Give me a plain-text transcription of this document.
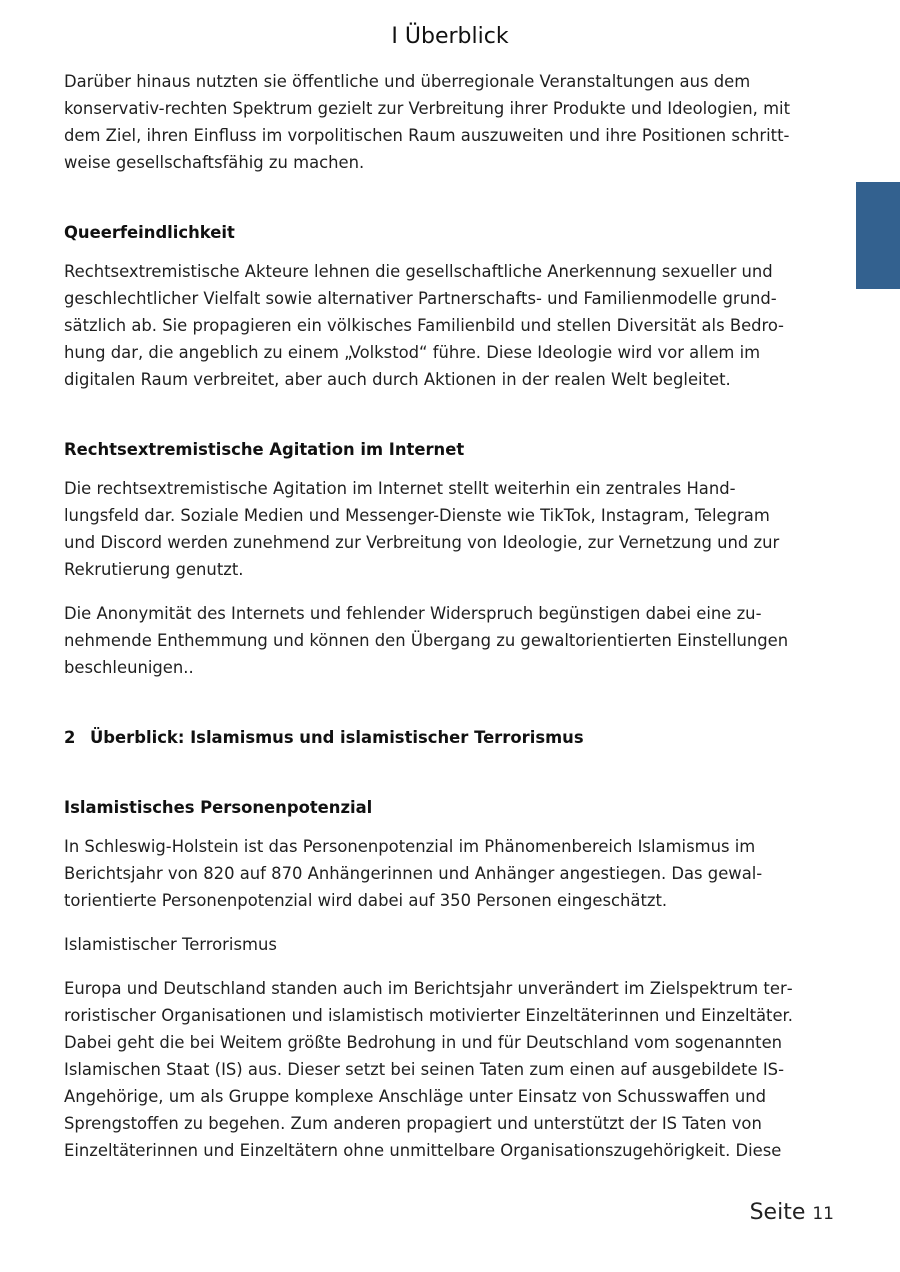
I Überblick

Darüber hinaus nutzten sie öffentliche und überregionale Veranstaltungen aus dem konservativ-rechten Spektrum gezielt zur Verbreitung ihrer Produkte und Ideologien, mit dem Ziel, ihren Einfluss im vorpolitischen Raum auszuweiten und ihre Positionen schrittweise gesellschaftsfähig zu machen.

Queerfeindlichkeit

Rechtsextremistische Akteure lehnen die gesellschaftliche Anerkennung sexueller und geschlechtlicher Vielfalt sowie alternativer Partnerschafts- und Familienmodelle grundsätzlich ab. Sie propagieren ein völkisches Familienbild und stellen Diversität als Bedrohung dar, die angeblich zu einem „Volkstod“ führe. Diese Ideologie wird vor allem im digitalen Raum verbreitet, aber auch durch Aktionen in der realen Welt begleitet.

Rechtsextremistische Agitation im Internet

Die rechtsextremistische Agitation im Internet stellt weiterhin ein zentrales Handlungsfeld dar. Soziale Medien und Messenger-Dienste wie TikTok, Instagram, Telegram und Discord werden zunehmend zur Verbreitung von Ideologie, zur Vernetzung und zur Rekrutierung genutzt.

Die Anonymität des Internets und fehlender Widerspruch begünstigen dabei eine zunehmende Enthemmung und können den Übergang zu gewaltorientierten Einstellungen beschleunigen..

2 Überblick: Islamismus und islamistischer Terrorismus
Islamistisches Personenpotenzial

In Schleswig-Holstein ist das Personenpotenzial im Phänomenbereich Islamismus im Berichtsjahr von 820 auf 870 Anhängerinnen und Anhänger angestiegen. Das gewaltorientierte Personenpotenzial wird dabei auf 350 Personen eingeschätzt.

Islamistischer Terrorismus

Europa und Deutschland standen auch im Berichtsjahr unverändert im Zielspektrum terroristischer Organisationen und islamistisch motivierter Einzeltäterinnen und Einzeltäter. Dabei geht die bei Weitem größte Bedrohung in und für Deutschland vom sogenannten Islamischen Staat (IS) aus. Dieser setzt bei seinen Taten zum einen auf ausgebildete IS-Angehörige, um als Gruppe komplexe Anschläge unter Einsatz von Schusswaffen und Sprengstoffen zu begehen. Zum anderen propagiert und unterstützt der IS Taten von Einzeltäterinnen und Einzeltätern ohne unmittelbare Organisationszugehörigkeit. Diese

Seite 11
